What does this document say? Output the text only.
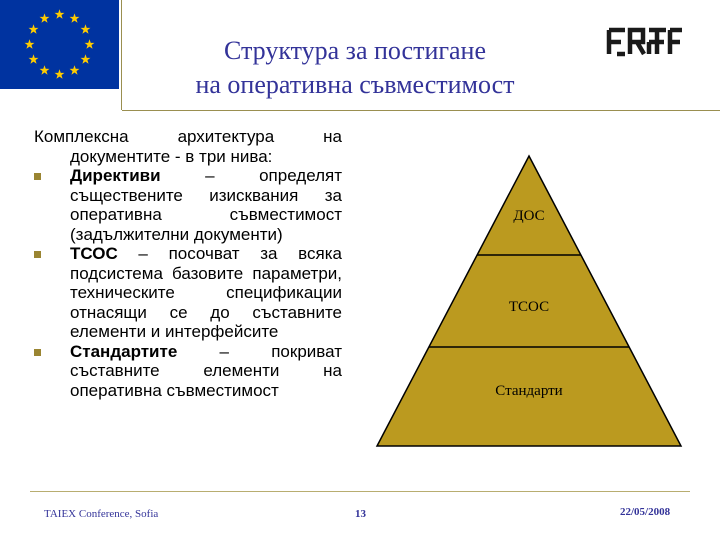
Структура за постигане
на оперативна съвместимост

Комплексна архитектура на документите - в три нива:

Директиви – определят съществените изисквания за оперативна съвместимост (задължителни документи)
ТСОС – посочват за всяка подсистема базовите параметри, техническите спецификации отнасящи се до съставните елементи и интерфейсите
Стандартите – покриват съставните елементи на оперативна съвместимост
ДОС
ТСОС
Стандарти
TAIEX Conference, Sofia	13	22/05/2008
